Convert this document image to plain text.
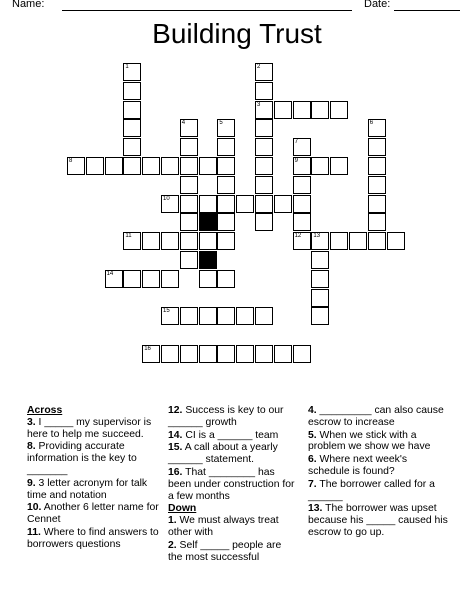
Name:	Date:
Building Trust
1	2
3
4	5	6
7
9
12
8
10
11	13
14
15
16
Across
3. I _____ my supervisor is here to help me succeed.
8. Providing accurate information is the key to _______
9. 3 letter acronym for talk time and notation
10. Another 6 letter name for Cennet
11. Where to find answers to borrowers questions
12. Success is key to our ______ growth
14. CI is a ______ team
15. A call about a yearly ______ statement.
16. That ________ has been under construction for a few months
Down
1. We must always treat other with
2. Self _____ people are the most successful
4. _________ can also cause escrow to increase
5. When we stick with a problem we show we have
6. Where next week's schedule is found?
7. The borrower called for a ______
13. The borrower was upset because his _____ caused his escrow to go up.
